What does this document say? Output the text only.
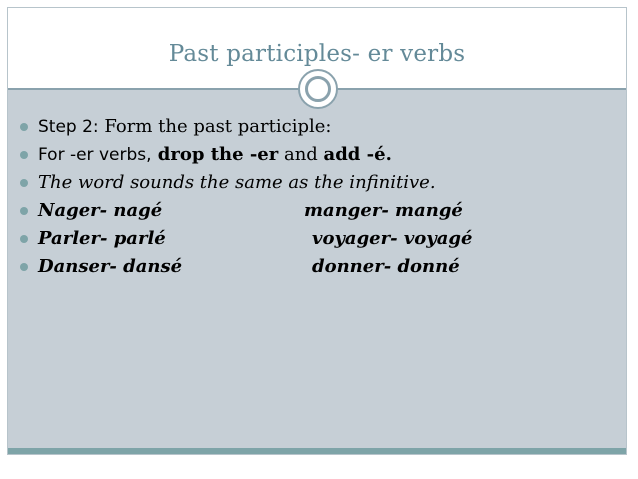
Past participles- er verbs
Step 2: Form the past participle:
For -er verbs, drop the -er and add -é.
The word sounds the same as the infinitive.
Nager- nagé	manger- mangé
Parler- parlé	voyager- voyagé
Danser- dansé	donner- donné
